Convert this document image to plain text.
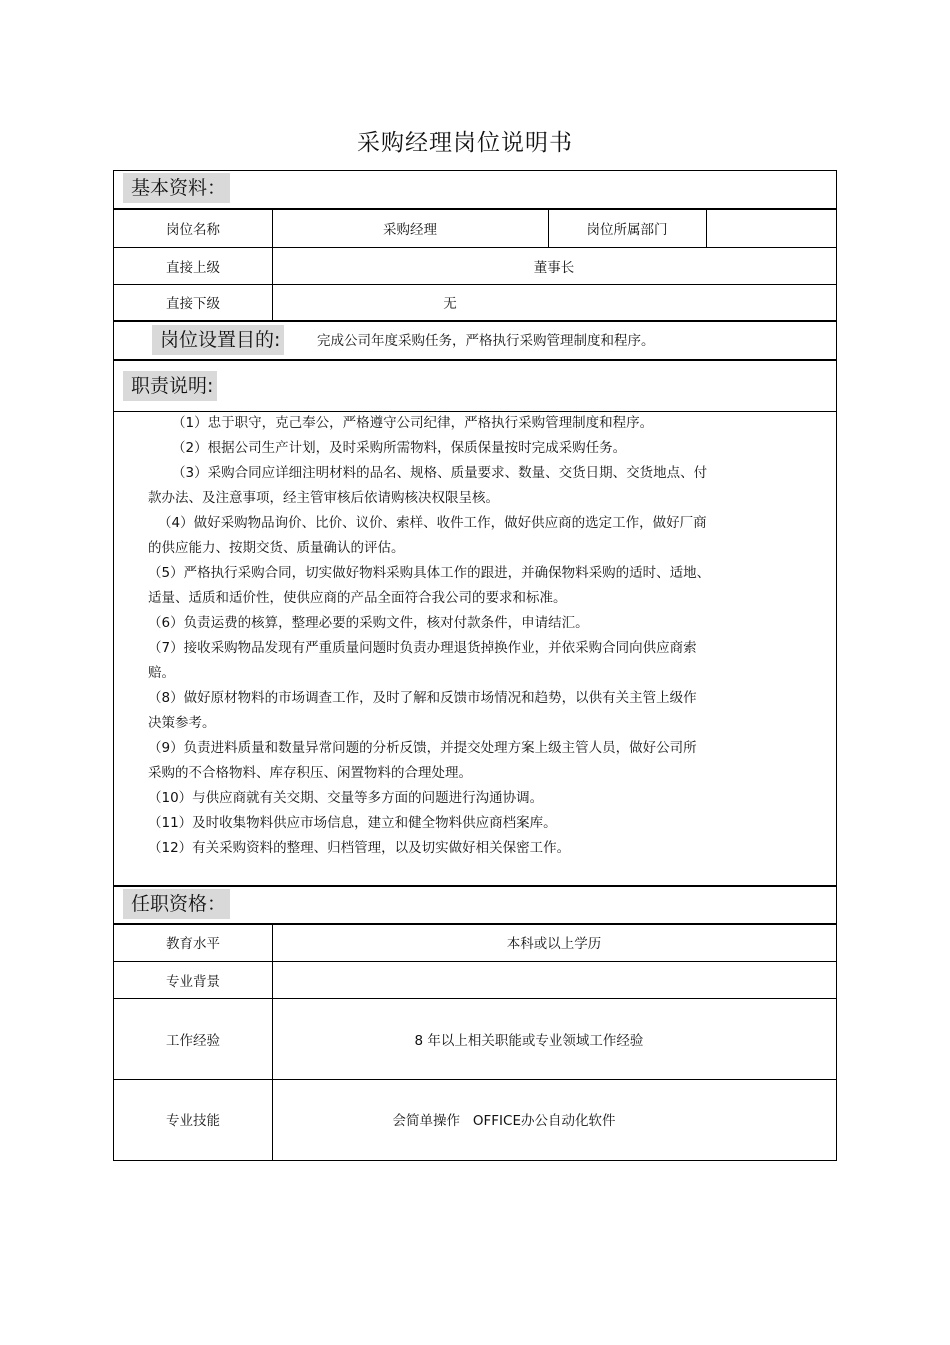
采购经理岗位说明书
基本资料：
岗位名称	采购经理	岗位所属部门
直接上级	董事长
直接下级	无
岗位设置目的:	完成公司年度采购任务，严格执行采购管理制度和程序。
职责说明:

（1）忠于职守，克己奉公，严格遵守公司纪律，严格执行采购管理制度和程序。

（2）根据公司生产计划，及时采购所需物料，保质保量按时完成采购任务。

（3）采购合同应详细注明材料的品名、规格、质量要求、数量、交货日期、交货地点、付

款办法、及注意事项，经主管审核后依请购核决权限呈核。

（4）做好采购物品询价、比价、议价、索样、收件工作，做好供应商的选定工作，做好厂商

的供应能力、按期交货、质量确认的评估。

（5）严格执行采购合同，切实做好物料采购具体工作的跟进，并确保物料采购的适时、适地、

适量、适质和适价性，使供应商的产品全面符合我公司的要求和标准。

（6）负责运费的核算，整理必要的采购文件，核对付款条件，申请结汇。

（7）接收采购物品发现有严重质量问题时负责办理退货掉换作业，并依采购合同向供应商索

赔。

（8）做好原材物料的市场调查工作，及时了解和反馈市场情况和趋势，以供有关主管上级作

决策参考。

（9）负责进料质量和数量异常问题的分析反馈，并提交处理方案上级主管人员，做好公司所

采购的不合格物料、库存积压、闲置物料的合理处理。

（10）与供应商就有关交期、交量等多方面的问题进行沟通协调。

（11）及时收集物料供应市场信息，建立和健全物料供应商档案库。

（12）有关采购资料的整理、归档管理，以及切实做好相关保密工作。

任职资格：
教育水平	本科或以上学历
专业背景
工作经验	8 年以上相关职能或专业领域工作经验
专业技能	会简单操作   OFFICE办公自动化软件
